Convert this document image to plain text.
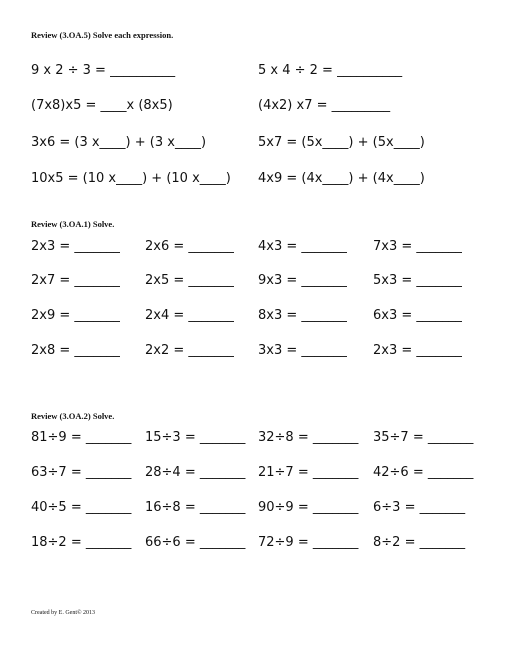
Review (3.OA.5) Solve each expression.
9 x 2 ÷ 3 = __________	5 x 4 ÷ 2 = __________
(7x8)x5 = ____x (8x5)	(4x2) x7 = _________
3x6 = (3 x____) + (3 x____)	5x7 = (5x____) + (5x____)
10x5 = (10 x____) + (10 x____) 4x9 = (4x____) + (4x____)
Review (3.OA.1) Solve.
2x3 = _______ 2x6 = _______ 4x3 = _______ 7x3 = _______
2x7 = _______ 2x5 = _______ 9x3 = _______ 5x3 = _______
2x9 = _______ 2x4 = _______ 8x3 = _______ 6x3 = _______
2x8 = _______ 2x2 = _______ 3x3 = _______ 2x3 = _______
Review (3.OA.2) Solve.
81÷9 = _______ 15÷3 = _______ 32÷8 = _______ 35÷7 = _______
63÷7 = _______ 28÷4 = _______ 21÷7 = _______ 42÷6 = _______
40÷5 = _______ 16÷8 = _______ 90÷9 = _______ 6÷3 = _______
18÷2 = _______ 66÷6 = _______ 72÷9 = _______ 8÷2 = _______
Created by E. Gent© 2013
